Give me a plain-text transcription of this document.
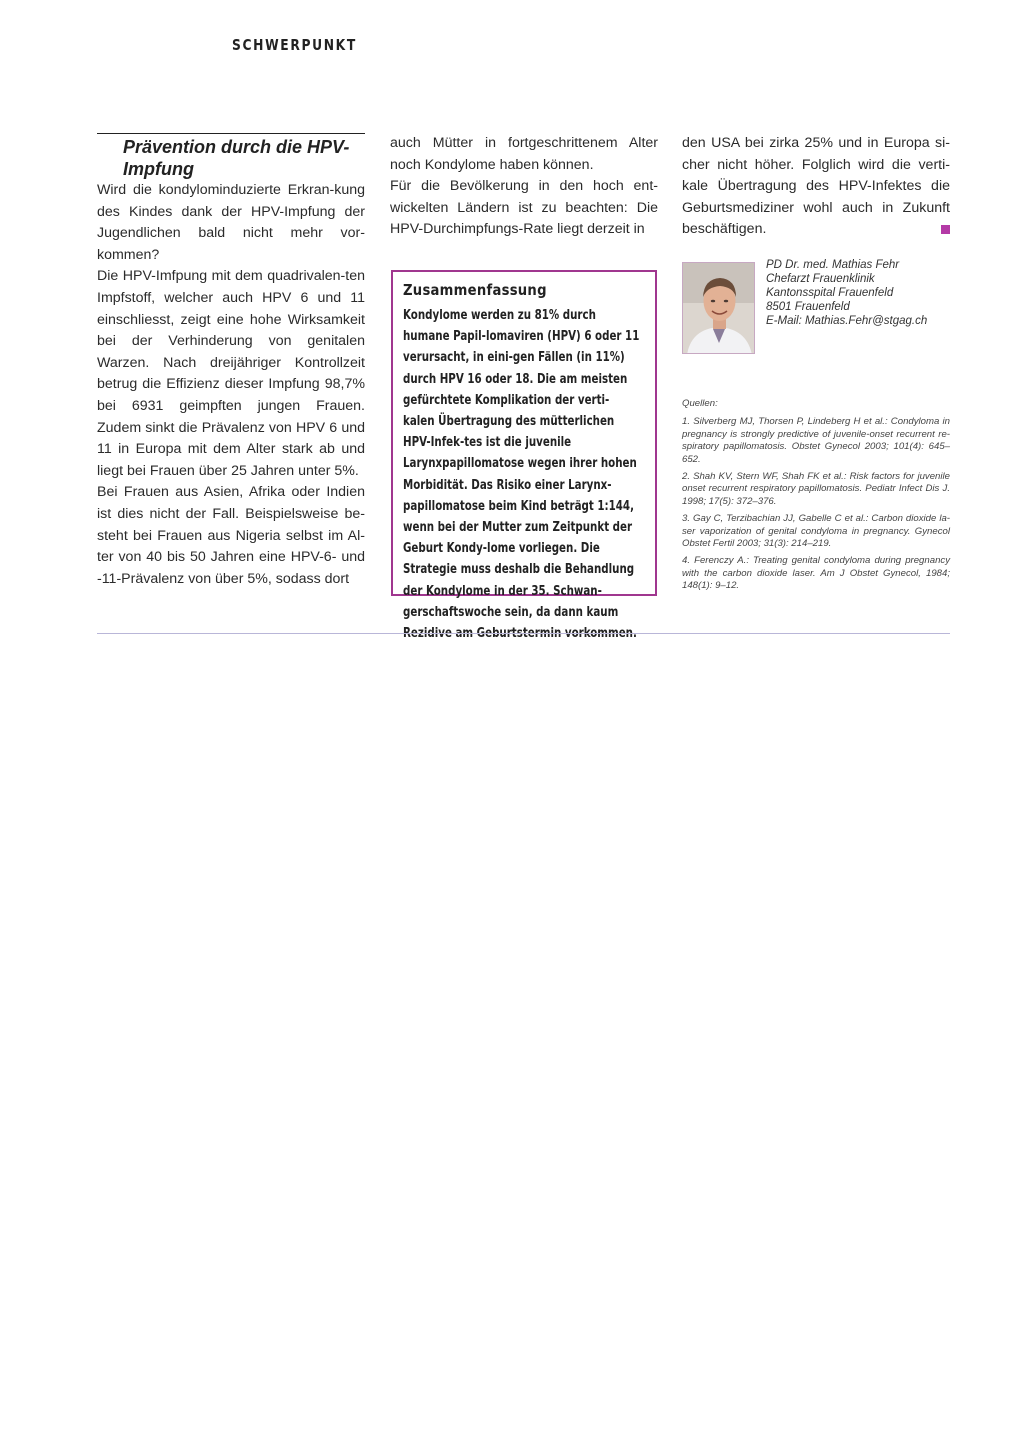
SCHWERPUNKT
Prävention durch die HPV-Impfung

Wird die kondylominduzierte Erkran-kung des Kindes dank der HPV-Impfung der Jugendlichen bald nicht mehr vor-kommen?

Die HPV-Imfpung mit dem quadrivalen-ten Impfstoff, welcher auch HPV 6 und 11 einschliesst, zeigt eine hohe Wirksamkeit bei der Verhinderung von genitalen Warzen. Nach dreijähriger Kontrollzeit betrug die Effizienz dieser Impfung 98,7% bei 6931 geimpften jungen Frauen. Zudem sinkt die Prävalenz von HPV 6 und 11 in Europa mit dem Alter stark ab und liegt bei Frauen über 25 Jahren unter 5%.

Bei Frauen aus Asien, Afrika oder Indien ist dies nicht der Fall. Beispielsweise be-steht bei Frauen aus Nigeria selbst im Al-ter von 40 bis 50 Jahren eine HPV-6- und -11-Prävalenz von über 5%, sodass dort

auch Mütter in fortgeschrittenem Alter noch Kondylome haben können.

Für die Bevölkerung in den hoch ent-wickelten Ländern ist zu beachten: Die HPV-Durchimpfungs-Rate liegt derzeit in

Zusammenfassung

Kondylome werden zu 81% durch humane Papil-lomaviren (HPV) 6 oder 11 verursacht, in eini-gen Fällen (in 11%) durch HPV 16 oder 18. Die am meisten gefürchtete Komplikation der verti-kalen Übertragung des mütterlichen HPV-Infek-tes ist die juvenile Larynxpapillomatose wegen ihrer hohen Morbidität. Das Risiko einer Larynx-papillomatose beim Kind beträgt 1:144, wenn bei der Mutter zum Zeitpunkt der Geburt Kondy-lome vorliegen. Die Strategie muss deshalb die Behandlung der Kondylome in der 35. Schwan-gerschaftswoche sein, da dann kaum Rezidive am Geburtstermin vorkommen.

den USA bei zirka 25% und in Europa si-cher nicht höher. Folglich wird die verti-kale Übertragung des HPV-Infektes die Geburtsmediziner wohl auch in Zukunft beschäftigen.

PD Dr. med. Mathias Fehr
Chefarzt Frauenklinik
Kantonsspital Frauenfeld
8501 Frauenfeld
E-Mail: Mathias.Fehr@stgag.ch
Quellen:
1. Silverberg MJ, Thorsen P, Lindeberg H et al.: Condyloma in pregnancy is strongly predictive of juvenile-onset recurrent re-spiratory papillomatosis. Obstet Gynecol 2003; 101(4): 645–652.
2. Shah KV, Stern WF, Shah FK et al.: Risk factors for juvenile onset recurrent respiratory papillomatosis. Pediatr Infect Dis J. 1998; 17(5): 372–376.
3. Gay C, Terzibachian JJ, Gabelle C et al.: Carbon dioxide la-ser vaporization of genital condyloma in pregnancy. Gynecol Obstet Fertil 2003; 31(3): 214–219.
4. Ferenczy A.: Treating genital condyloma during pregnancy with the carbon dioxide laser. Am J Obstet Gynecol, 1984; 148(1): 9–12.
